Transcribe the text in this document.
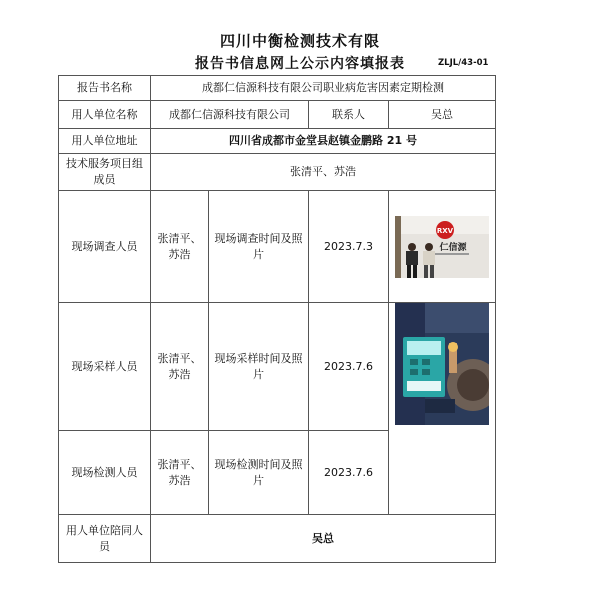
四川中衡检测技术有限
报告书信息网上公示内容填报表	ZLJL/43-01
报告书名称	成都仁信源科技有限公司职业病危害因素定期检测			
用人单位名称	成都仁信源科技有限公司		联系人	吴总
用人单位地址	四川省成都市金堂县赵镇金鹏路 21 号			
技术服务项目组成员	张清平、苏浩			
现场调查人员	张清平、苏浩	现场调查时间及照片	2023.7.3	RXV
仁信源

现场采样人员	张清平、苏浩	现场采样时间及照片	2023.7.6	

现场检测人员	张清平、苏浩	现场检测时间及照片	2023.7.6	
用人单位陪同人员	吴总			
